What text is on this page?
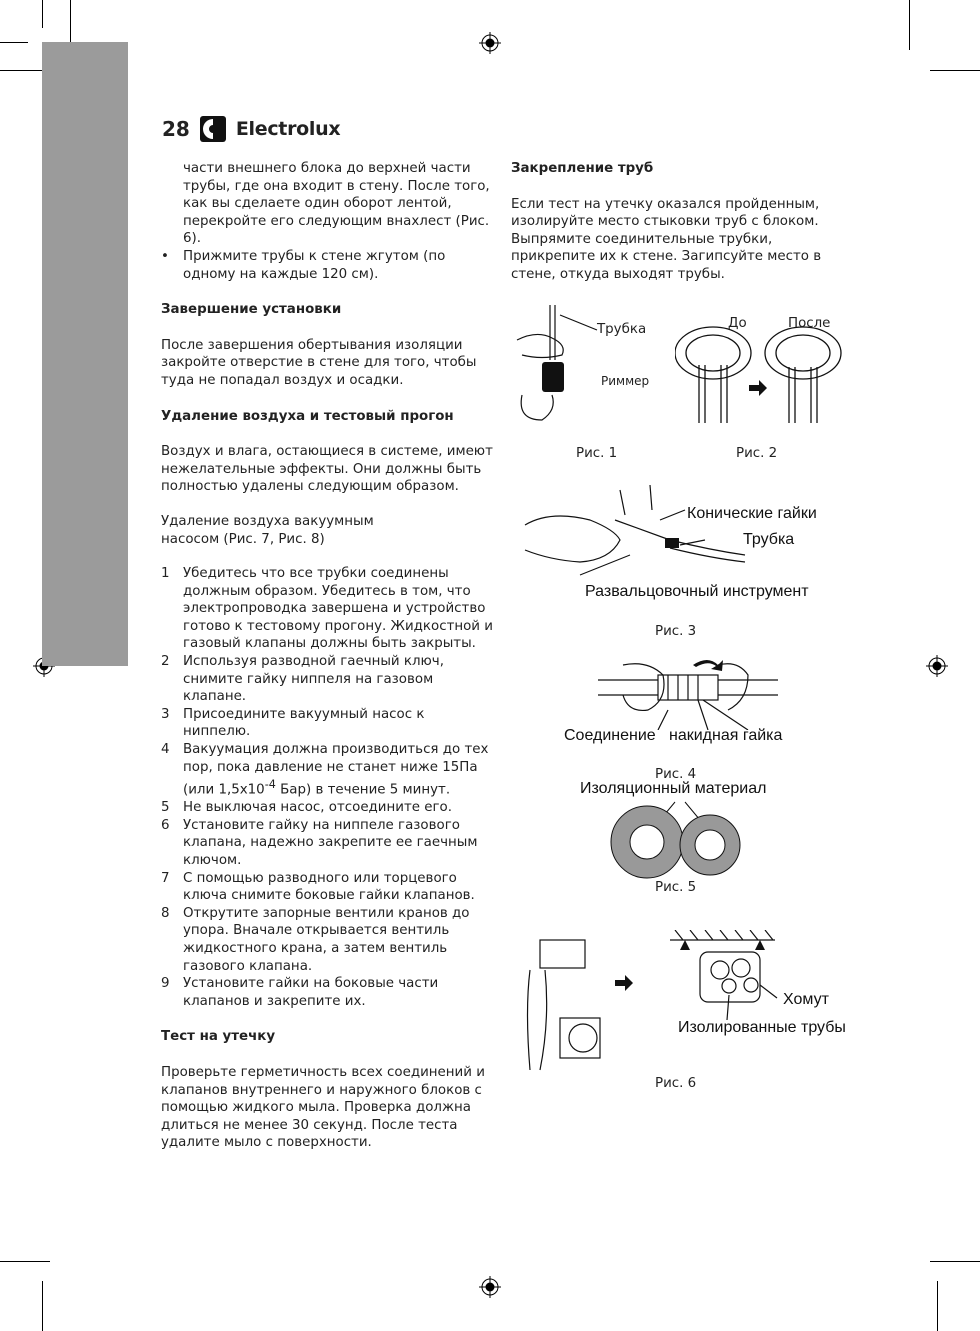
28 Electrolux

части внешнего блока до верхней части трубы, где она входит в стену. После того, как вы сделаете один оборот лентой, перекройте его следующим внахлест (Рис. 6).

• Прижмите трубы к стене жгутом (по одному на каждые 120 см).

Завершение установки

После завершения обертывания изоляции закройте отверстие в стене для того, чтобы туда не попадал воздух и осадки.

Удаление воздуха и тестовый прогон

Воздух и влага, остающиеся в системе, имеют нежелательные эффекты. Они должны быть полностью удалены следующим образом.

Удаление воздуха вакуумным насосом (Рис. 7, Рис. 8)

1 Убедитесь что все трубки соединены должным образом. Убедитесь в том, что электропроводка завершена и устройство готово к тестовому прогону. Жидкостной и газовый клапаны должны быть закрыты.
2 Используя разводной гаечный ключ, снимите гайку ниппеля на газовом клапане.
3 Присоедините вакуумный насос к ниппелю.
4 Вакуумация должна производиться до тех пор, пока давление не станет ниже 15Па (или $1,5x10^{-4}$ Бар) в течение 5 минут.
5 Не выключая насос, отсоедините его.
6 Установите гайку на ниппеле газового клапана, надежно закрепите ее гаечным ключом.
7 С помощью разводного или торцевого ключа снимите боковые гайки клапанов.
8 Открутите запорные вентили кранов до упора. Вначале открывается вентиль жидкостного крана, а затем вентиль газового клапана.
9 Установите гайки на боковые части клапанов и закрепите их.
Тест на утечку

Проверьте герметичность всех соединений и клапанов внутреннего и наружного блоков с помощью жидкого мыла. Проверка должна длиться не менее 30 секунд. После теста удалите мыло с поверхности.

Закрепление труб

Если тест на утечку оказался пройденным, изолируйте место стыковки труб с блоком. Выпрямите соединительные трубки, прикрепите их к стене. Загипсуйте место в стене, откуда выходят трубы.

Трубка
Риммер
Рис. 1
До	После
Рис. 2
Конические гайки
Трубка
Развальцовочный инструмент
Рис. 3
Соединение накидная гайка
Рис. 4
Изоляционный материал
Рис. 5
Хомут
Изолированные трубы
Рис. 6
